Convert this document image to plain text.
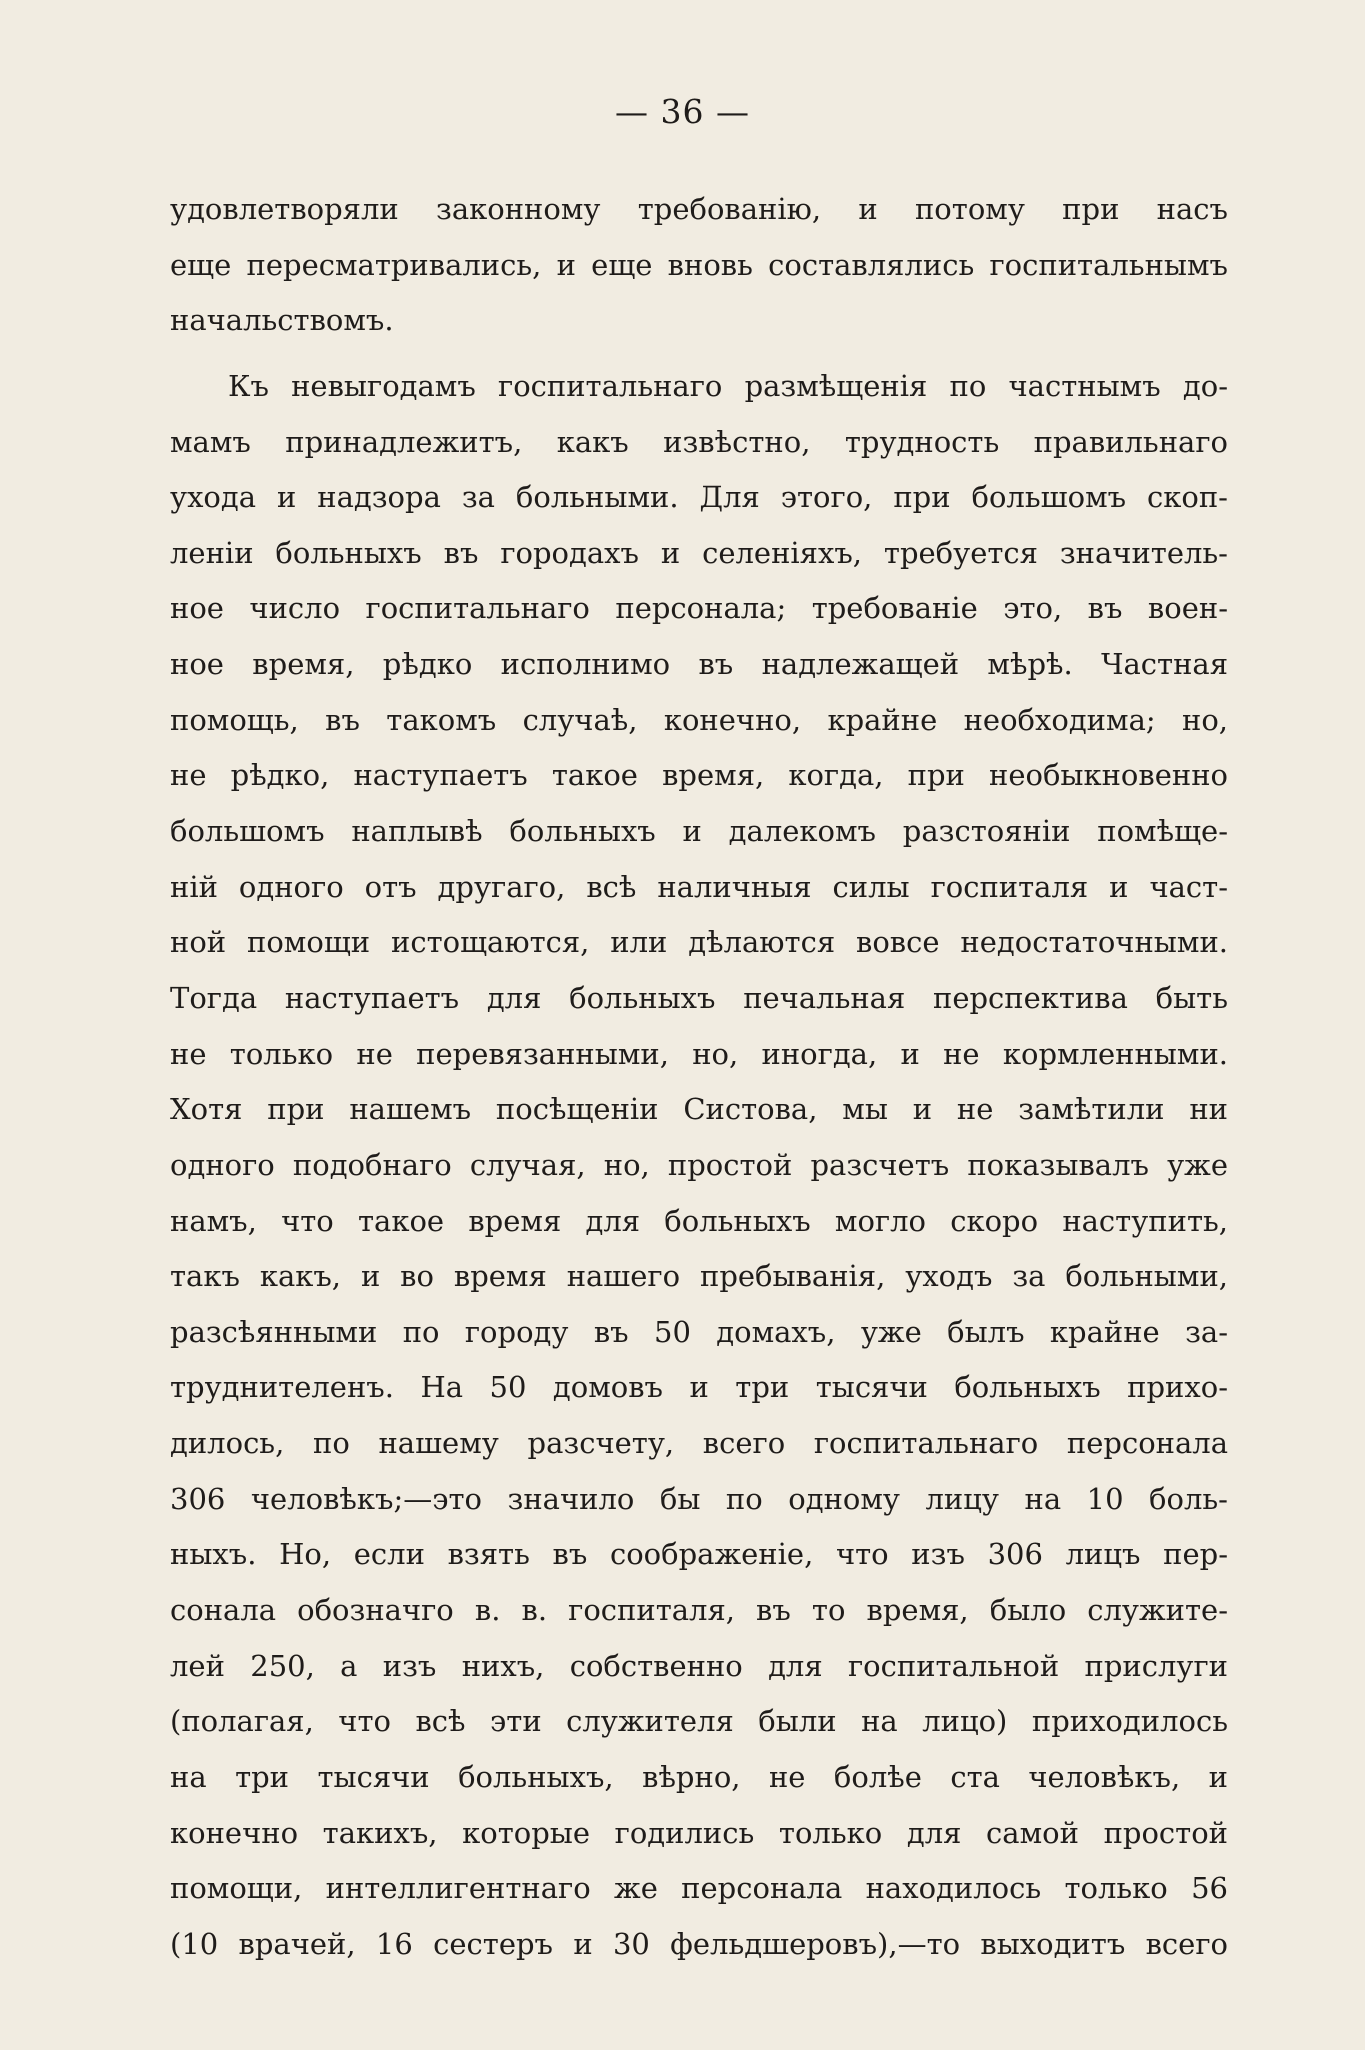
— 36 —
удовлетворяли законному требованію, и потому при насъ
еще пересматривались, и еще вновь составлялись госпитальнымъ
начальствомъ.
Къ невыгодамъ госпитальнаго размѣщенія по частнымъ до-
мамъ принадлежитъ, какъ извѣстно, трудность правильнаго
ухода и надзора за больными. Для этого, при большомъ скоп-
леніи больныхъ въ городахъ и селеніяхъ, требуется значитель-
ное число госпитальнаго персонала; требованіе это, въ воен-
ное время, рѣдко исполнимо въ надлежащей мѣрѣ. Частная
помощь, въ такомъ случаѣ, конечно, крайне необходима; но,
не рѣдко, наступаетъ такое время, когда, при необыкновенно
большомъ наплывѣ больныхъ и далекомъ разстояніи помѣще-
ній одного отъ другаго, всѣ наличныя силы госпиталя и част-
ной помощи истощаются, или дѣлаются вовсе недостаточными.
Тогда наступаетъ для больныхъ печальная перспектива быть
не только не перевязанными, но, иногда, и не кормленными.
Хотя при нашемъ посѣщеніи Систова, мы и не замѣтили ни
одного подобнаго случая, но, простой разсчетъ показывалъ уже
намъ, что такое время для больныхъ могло скоро наступить,
такъ какъ, и во время нашего пребыванія, уходъ за больными,
разсѣянными по городу въ 50 домахъ, уже былъ крайне за-
труднителенъ. На 50 домовъ и три тысячи больныхъ прихо-
дилось, по нашему разсчету, всего госпитальнаго персонала
306 человѣкъ;—это значило бы по одному лицу на 10 боль-
ныхъ. Но, если взять въ соображеніе, что изъ 306 лицъ пер-
сонала обозначго в. в. госпиталя, въ то время, было служите-
лей 250, а изъ нихъ, собственно для госпитальной прислуги
(полагая, что всѣ эти служителя были на лицо) приходилось
на три тысячи больныхъ, вѣрно, не болѣе ста человѣкъ, и
конечно такихъ, которые годились только для самой простой
помощи, интеллигентнаго же персонала находилось только 56
(10 врачей, 16 сестеръ и 30 фельдшеровъ),—то выходитъ всего
